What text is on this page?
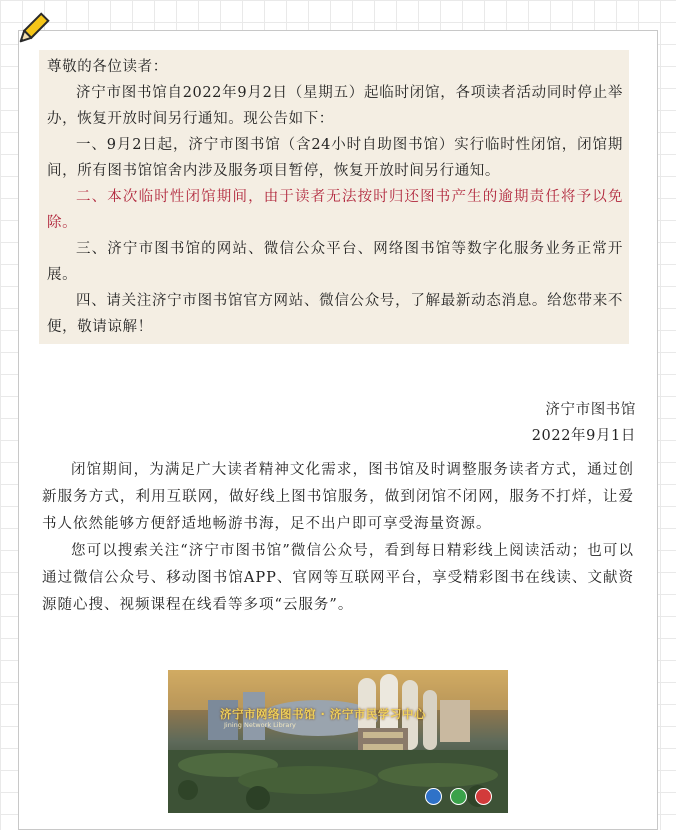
尊敬的各位读者：

济宁市图书馆自2022年9月2日（星期五）起临时闭馆，各项读者活动同时停止举办，恢复开放时间另行通知。现公告如下：

一、9月2日起，济宁市图书馆（含24小时自助图书馆）实行临时性闭馆，闭馆期间，所有图书馆馆舍内涉及服务项目暂停，恢复开放时间另行通知。

二、本次临时性闭馆期间，由于读者无法按时归还图书产生的逾期责任将予以免除。

三、济宁市图书馆的网站、微信公众平台、网络图书馆等数字化服务业务正常开展。

四、请关注济宁市图书馆官方网站、微信公众号，了解最新动态消息。给您带来不便，敬请谅解！

济宁市图书馆
2022年9月1日

闭馆期间，为满足广大读者精神文化需求，图书馆及时调整服务读者方式，通过创新服务方式，利用互联网，做好线上图书馆服务，做到闭馆不闭网，服务不打烊，让爱书人依然能够方便舒适地畅游书海，足不出户即可享受海量资源。

您可以搜索关注“济宁市图书馆”微信公众号，看到每日精彩线上阅读活动；也可以通过微信公众号、移动图书馆APP、官网等互联网平台，享受精彩图书在线读、文献资源随心搜、视频课程在线看等多项“云服务”。

济宁市网络图书馆 · 济宁市民学习中心
Jining Network Library
